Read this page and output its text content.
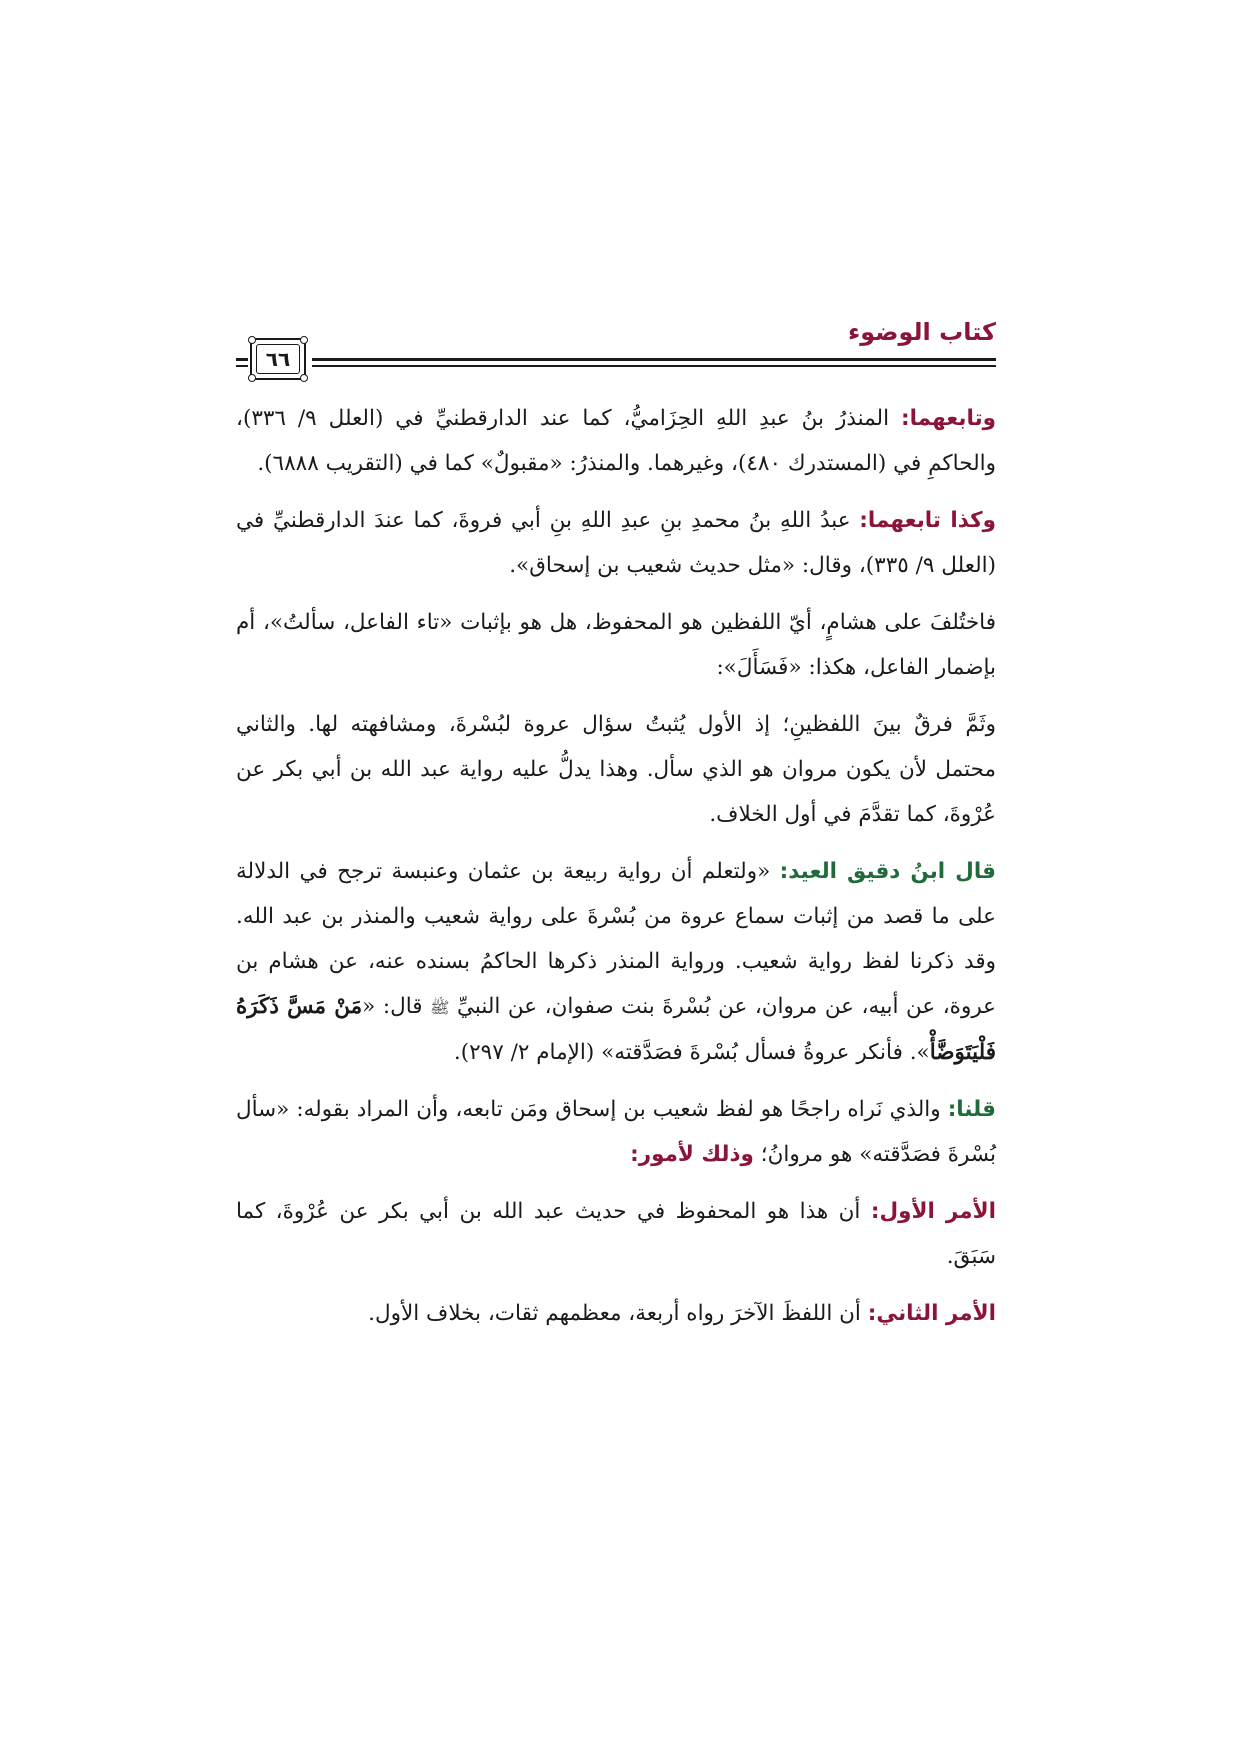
كتاب الوضوء
٦٦

وتابعهما: المنذرُ بنُ عبدِ اللهِ الحِزَاميُّ، كما عند الدارقطنيِّ في (العلل ٩/ ٣٣٦)، والحاكمِ في (المستدرك ٤٨٠)، وغيرهما. والمنذرُ: «مقبولٌ» كما في (التقريب ٦٨٨٨).

وكذا تابعهما: عبدُ اللهِ بنُ محمدِ بنِ عبدِ اللهِ بنِ أبي فروةَ، كما عندَ الدارقطنيِّ في (العلل ٩/ ٣٣٥)، وقال: «مثل حديث شعيب بن إسحاق».

فاختُلفَ على هشامٍ، أيّ اللفظين هو المحفوظ، هل هو بإثبات «تاء الفاعل، سألتُ»، أم بإضمار الفاعل، هكذا: «فَسَأَلَ»:

وثَمَّ فرقٌ بينَ اللفظينِ؛ إذ الأول يُثبتُ سؤال عروة لبُسْرةَ، ومشافهته لها. والثاني محتمل لأن يكون مروان هو الذي سأل. وهذا يدلُّ عليه رواية عبد الله بن أبي بكر عن عُرْوةَ، كما تقدَّمَ في أول الخلاف.

قال ابنُ دقيق العيد: «ولتعلم أن رواية ربيعة بن عثمان وعنبسة ترجح في الدلالة على ما قصد من إثبات سماع عروة من بُسْرةَ على رواية شعيب والمنذر بن عبد الله. وقد ذكرنا لفظ رواية شعيب. ورواية المنذر ذكرها الحاكمُ بسنده عنه، عن هشام بن عروة، عن أبيه، عن مروان، عن بُسْرةَ بنت صفوان، عن النبيِّ ﷺ قال: «مَنْ مَسَّ ذَكَرَهُ فَلْيَتَوَضَّأْ». فأنكر عروةُ فسأل بُسْرةَ فصَدَّقته» (الإمام ٢/ ٢٩٧).

قلنا: والذي نَراه راجحًا هو لفظ شعيب بن إسحاق ومَن تابعه، وأن المراد بقوله: «سأل بُسْرةَ فصَدَّقته» هو مروانُ؛ وذلك لأمور:

الأمر الأول: أن هذا هو المحفوظ في حديث عبد الله بن أبي بكر عن عُرْوةَ، كما سَبَقَ.

الأمر الثاني: أن اللفظَ الآخرَ رواه أربعة، معظمهم ثقات، بخلاف الأول.
